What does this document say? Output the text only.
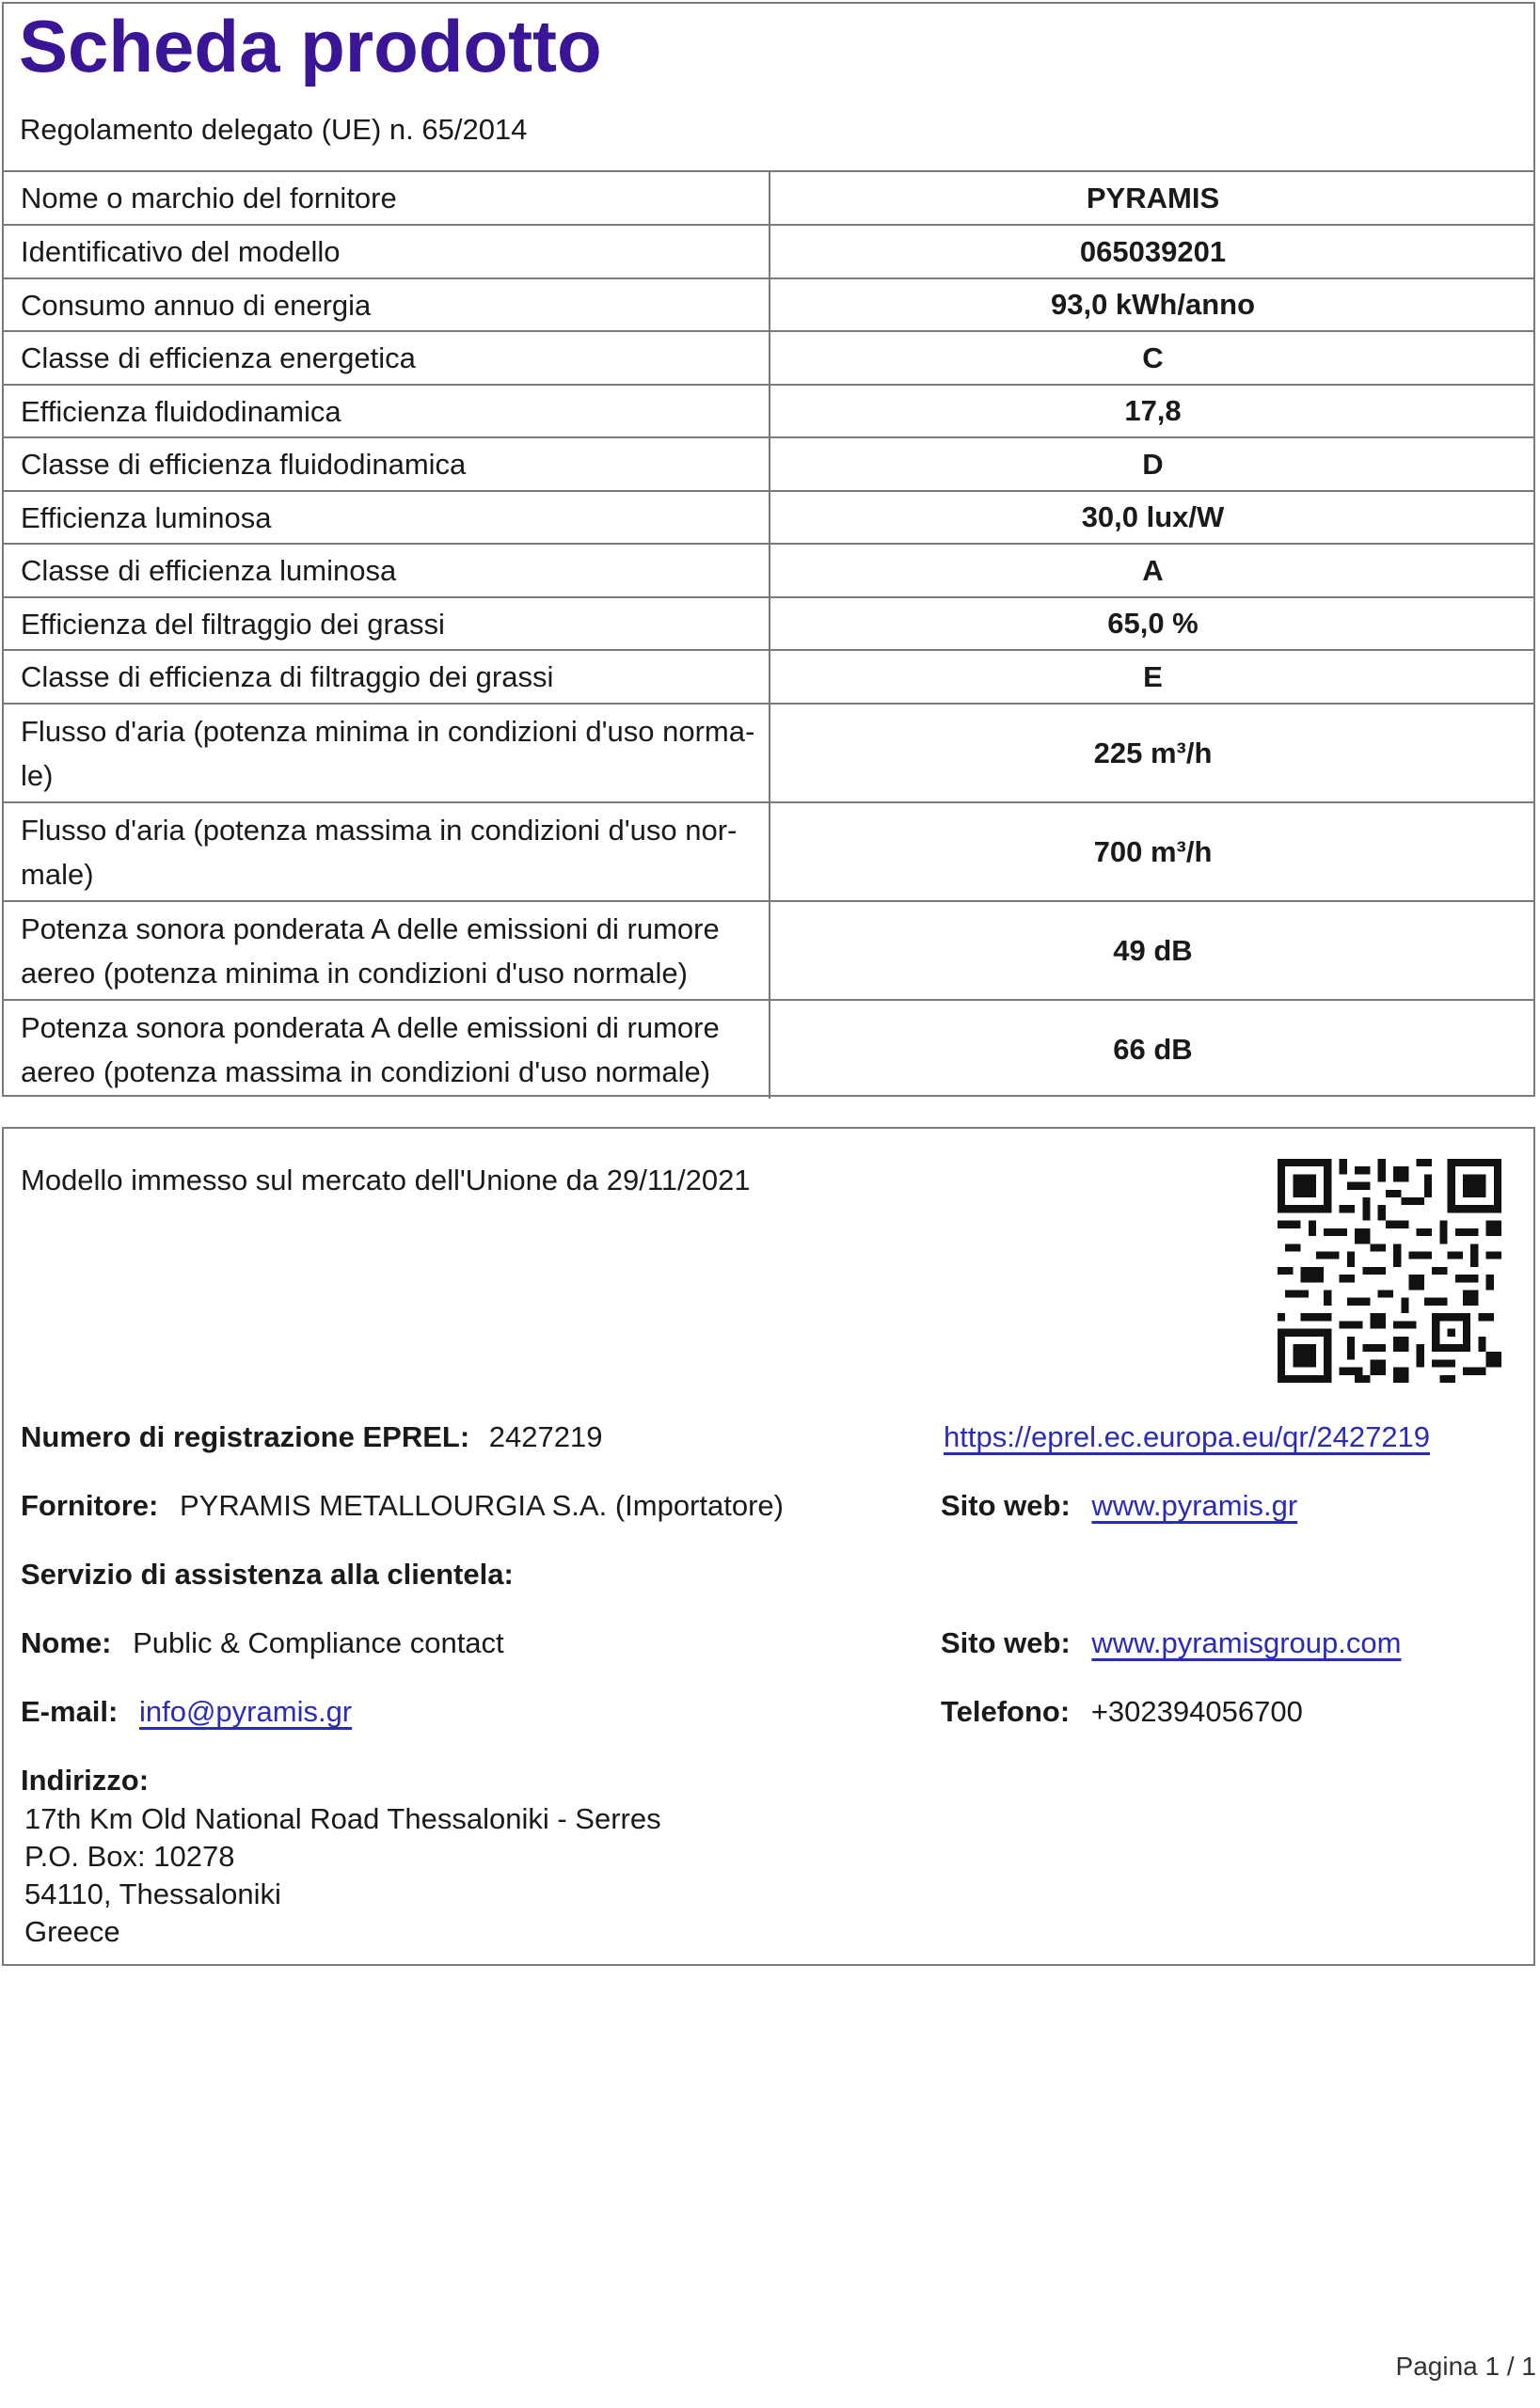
Scheda prodotto
Regolamento delegato (UE) n. 65/2014
Nome o marchio del fornitore	PYRAMIS
Identificativo del modello	065039201
Consumo annuo di energia	93,0 kWh/anno
Classe di efficienza energetica	C
Efficienza fluidodinamica	17,8
Classe di efficienza fluidodinamica	D
Efficienza luminosa	30,0 lux/W
Classe di efficienza luminosa	A
Efficienza del filtraggio dei grassi	65,0 %
Classe di efficienza di filtraggio dei grassi	E
Flusso d'aria (potenza minima in condizioni d'uso norma-le)	225 m³/h
Flusso d'aria (potenza massima in condizioni d'uso nor-male)	700 m³/h
Potenza sonora ponderata A delle emissioni di rumore aereo (potenza minima in condizioni d'uso normale)	49 dB
Potenza sonora ponderata A delle emissioni di rumore aereo (potenza massima in condizioni d'uso normale)	66 dB
Modello immesso sul mercato dell'Unione da 29/11/2021
Numero di registrazione EPREL: 2427219	https://eprel.ec.europa.eu/qr/2427219
Fornitore: PYRAMIS METALLOURGIA S.A. (Importatore)	Sito web: www.pyramis.gr
Servizio di assistenza alla clientela:
Nome: Public & Compliance contact	Sito web: www.pyramisgroup.com
E-mail: info@pyramis.gr	Telefono: +302394056700
Indirizzo:
17th Km Old National Road Thessaloniki - Serres
P.O. Box: 10278
54110, Thessaloniki
Greece
Pagina 1 / 1
